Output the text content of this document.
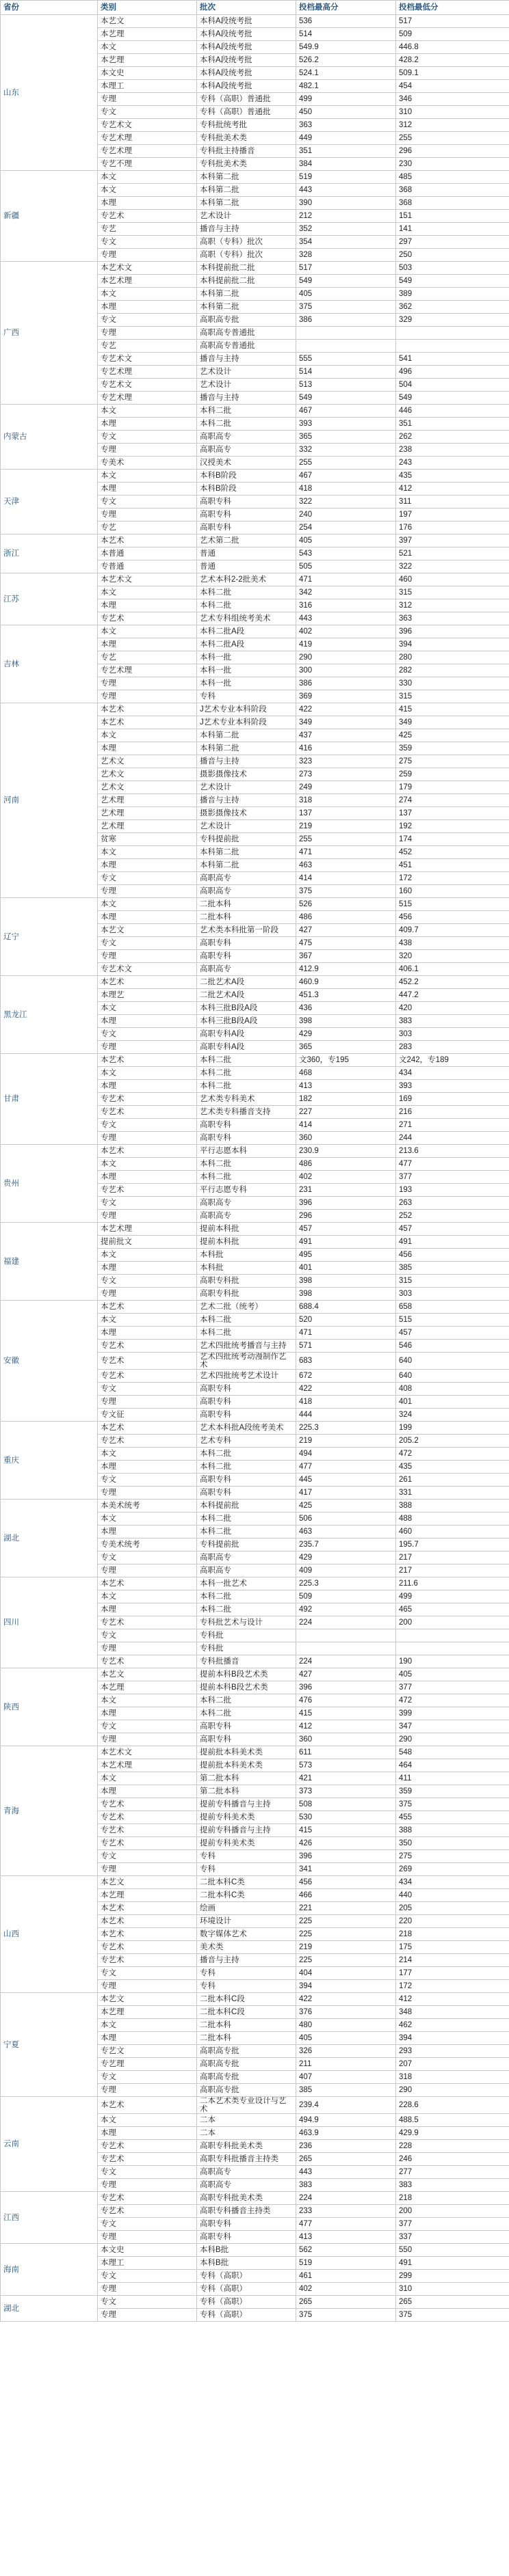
省份	类别	批次	投档最高分	投档最低分
山东	本艺文	本科A段统考批	536	517
	本艺理	本科A段统考批	514	509
	本文	本科A段统考批	549.9	446.8
	本艺理	本科A段统考批	526.2	428.2
	本文史	本科A段统考批	524.1	509.1
	本理工	本科A段统考批	482.1	454
	专理	专科（高职）普通批	499	346
	专文	专科（高职）普通批	450	310
	专艺术文	专科批统考批	363	312
	专艺术理	专科批美术类	449	255
	专艺术理	专科批主持播音	351	296
	专艺不理	专科批美术类	384	230
新疆	本文	本科第二批	519	485
	本文	本科第二批	443	368
	本理	本科第二批	390	368
	专艺术	艺术设计	212	151
	专艺	播音与主持	352	141
	专文	高职（专科）批次	354	297
	专理	高职（专科）批次	328	250
广西	本艺术文	本科提前批二批	517	503
	本艺术理	本科提前批二批	549	549
	本文	本科第二批	405	389
	本理	本科第二批	375	362
	专文	高职高专批	386	329
	专理	高职高专普通批		
	专艺	高职高专普通批		
	专艺术文	播音与主持	555	541
	专艺术理	艺术设计	514	496
	专艺术文	艺术设计	513	504
	专艺术理	播音与主持	549	549
内蒙古	本文	本科二批	467	446
	本理	本科二批	393	351
	专文	高职高专	365	262
	专理	高职高专	332	238
	专美术	汉授美术	255	243
天津	本文	本科B阶段	467	435
	本理	本科B阶段	418	412
	专文	高职专科	322	311
	专理	高职专科	240	197
	专艺	高职专科	254	176
浙江	本艺术	艺术第二批	405	397
	本普通	普通	543	521
	专普通	普通	505	322
江苏	本艺术文	艺术本科2-2批美术	471	460
	本文	本科二批	342	315
	本理	本科二批	316	312
	专艺术	艺术专科组统考美术	443	363
吉林	本文	本科二批A段	402	396
	本理	本科二批A段	419	394
	专艺	本科一批	290	280
	专艺术理	本科一批	300	282
	专理	本科一批	386	330
	专理	专科	369	315
河南	本艺术	J艺术专业本科阶段	422	415
	本艺术	J艺术专业本科阶段	349	349
	本文	本科第二批	437	425
	本理	本科第二批	416	359
	艺术文	播音与主持	323	275
	艺术文	摄影摄像技术	273	259
	艺术文	艺术设计	249	179
	艺术理	播音与主持	318	274
	艺术理	摄影摄像技术	137	137
	艺术理	艺术设计	219	192
	贫寒	专科提前批	255	174
	本文	本科第二批	471	452
	本理	本科第二批	463	451
	专文	高职高专	414	172
	专理	高职高专	375	160
辽宁	本文	二批本科	526	515
	本理	二批本科	486	456
	本艺文	艺术类本科批第一阶段	427	409.7
	专文	高职专科	475	438
	专理	高职专科	367	320
	专艺术文	高职高专	412.9	406.1
黑龙江	本艺术	二批艺术A段	460.9	452.2
	本理艺	二批艺术A段	451.3	447.2
	本文	本科三批B段A段	436	420
	本理	本科三批B段A段	398	383
	专文	高职专科A段	429	303
	专理	高职专科A段	365	283
甘肃	本艺术	本科二批	文360，专195	文242，专189
	本文	本科二批	468	434
	本理	本科二批	413	393
	专艺术	艺术类专科美术	182	169
	专艺术	艺术类专科播音支持	227	216
	专文	高职专科	414	271
	专理	高职专科	360	244
贵州	本艺术	平行志愿本科	230.9	213.6
	本文	本科二批	486	477
	本理	本科二批	402	377
	专艺术	平行志愿专科	231	193
	专文	高职高专	396	263
	专理	高职高专	296	252
福建	本艺术理	提前本科批	457	457
	提前批文	提前本科批	491	491
	本文	本科批	495	456
	本理	本科批	401	385
	专文	高职专科批	398	315
	专理	高职专科批	398	303
安徽	本艺术	艺术二批（统考）	688.4	658
	本文	本科二批	520	515
	本理	本科二批	471	457
	专艺术	艺术四批统考播音与主持	571	546
	专艺术	艺术四批统考动漫制作艺术	683	640
	专艺术	艺术四批统考艺术设计	672	640
	专文	高职专科	422	408
	专理	高职专科	418	401
	专文征	高职专科	444	324
重庆	本艺术	艺术本科批A段统考美术	225.3	199
	专艺术	艺术专科	219	205.2
	本文	本科二批	494	472
	本理	本科二批	477	435
	专文	高职专科	445	261
	专理	高职专科	417	331
湖北	本美术统考	本科提前批	425	388
	本文	本科二批	506	488
	本理	本科二批	463	460
	专美术统考	专科提前批	235.7	195.7
	专文	高职高专	429	217
	专理	高职高专	409	217
四川	本艺术	本科一批艺术	225.3	211.6
	本文	本科二批	509	499
	本理	本科二批	492	465
	专艺术	专科批艺术与设计	224	200
	专文	专科批		
	专理	专科批		
	专艺术	专科批播音	224	190
陕西	本艺文	提前本科B段艺术类	427	405
	本艺理	提前本科B段艺术类	396	377
	本文	本科二批	476	472
	本理	本科二批	415	399
	专文	高职专科	412	347
	专理	高职专科	360	290
青海	本艺术文	提前批本科美术类	611	548
	本艺术理	提前批本科美术类	573	464
	本文	第二批本科	421	411
	本理	第二批本科	373	359
	专艺术	提前专科播音与主持	508	375
	专艺术	提前专科美术类	530	455
	专艺术	提前专科播音与主持	415	388
	专艺术	提前专科美术类	426	350
	专文	专科	396	275
	专理	专科	341	269
山西	本艺文	二批本科C类	456	434
	本艺理	二批本科C类	466	440
	本艺术	绘画	221	205
	本艺术	环境设计	225	220
	本艺术	数字媒体艺术	225	218
	专艺术	美术类	219	175
	专艺术	播音与主持	225	214
	专文	专科	404	177
	专理	专科	394	172
宁夏	本艺文	二批本科C段	422	412
	本艺理	二批本科C段	376	348
	本文	二批本科	480	462
	本理	二批本科	405	394
	专艺文	高职高专批	326	293
	专艺理	高职高专批	211	207
	专文	高职高专批	407	318
	专理	高职高专批	385	290
云南	本艺术	二本艺术类专业设计与艺术	239.4	228.6
	本文	二本	494.9	488.5
	本理	二本	463.9	429.9
	专艺术	高职专科批美术类	236	228
	专艺术	高职专科批播音主持类	265	246
	专文	高职高专	443	277
	专理	高职高专	383	383
江西	专艺术	高职专科批美术类	224	218
	专艺术	高职专科播音主持类	233	200
	专文	高职专科	477	377
	专理	高职专科	413	337
海南	本文史	本科B批	562	550
	本理工	本科B批	519	491
	专文	专科（高职）	461	299
	专理	专科（高职）	402	310
湖北	专文	专科（高职）	265	265
	专理	专科（高职）	375	375
